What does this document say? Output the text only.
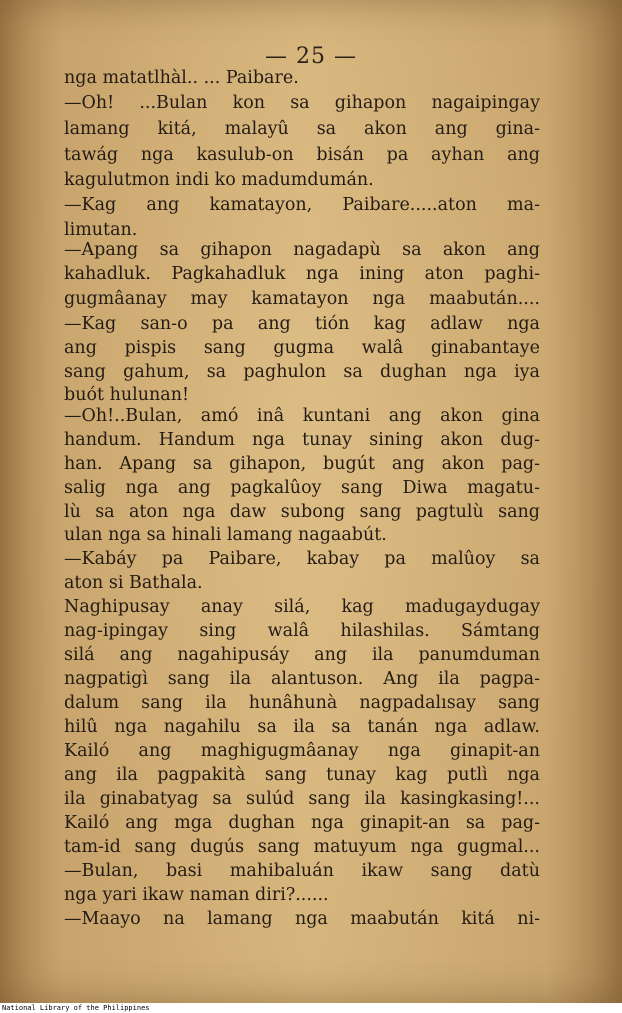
— 25 —
nga matatlhàl.. ... Paibare.
—Oh! ...Bulan kon sa gihapon nagaipingay
lamang kitá, malayû sa akon ang gina-
tawág nga kasulub-on bisán pa ayhan ang
kagulutmon indi ko madumdumán.
—Kag ang kamatayon, Paibare.....aton ma-
limutan.
—Apang sa gihapon nagadapù sa akon ang
kahadluk. Pagkahadluk nga ining aton paghi-
gugmâanay may kamatayon nga maabután....
—Kag san-o pa ang tión kag adlaw nga
ang pispis sang gugma walâ ginabantaye
sang gahum, sa paghulon sa dughan nga iya
buót hulunan!
—Oh!..Bulan, amó inâ kuntani ang akon gina
handum. Handum nga tunay sining akon dug-
han. Apang sa gihapon, bugút ang akon pag-
salig nga ang pagkalûoy sang Diwa magatu-
lù sa aton nga daw subong sang pagtulù sang
ulan nga sa hinali lamang nagaabút.
—Kabáy pa Paibare, kabay pa malûoy sa
aton si Bathala.
Naghipusay anay silá, kag madugaydugay
nag-ipingay sing walâ hilashilas. Sámtang
silá ang nagahipusáy ang ila panumduman
nagpatigì sang ila alantuson. Ang ila pagpa-
dalum sang ila hunâhunà nagpadalısay sang
hilû nga nagahilu sa ila sa tanán nga adlaw.
Kailó ang maghigugmâanay nga ginapit-an
ang ila pagpakità sang tunay kag putlì nga
ila ginabatyag sa sulúd sang ila kasingkasing!...
Kailó ang mga dughan nga ginapit-an sa pag-
tam-id sang dugús sang matuyum nga gugmal...
—Bulan, basi mahibaluán ikaw sang datù
nga yari ikaw naman diri?......
—Maayo na lamang nga maabután kitá ni-
National Library of the Philippines
